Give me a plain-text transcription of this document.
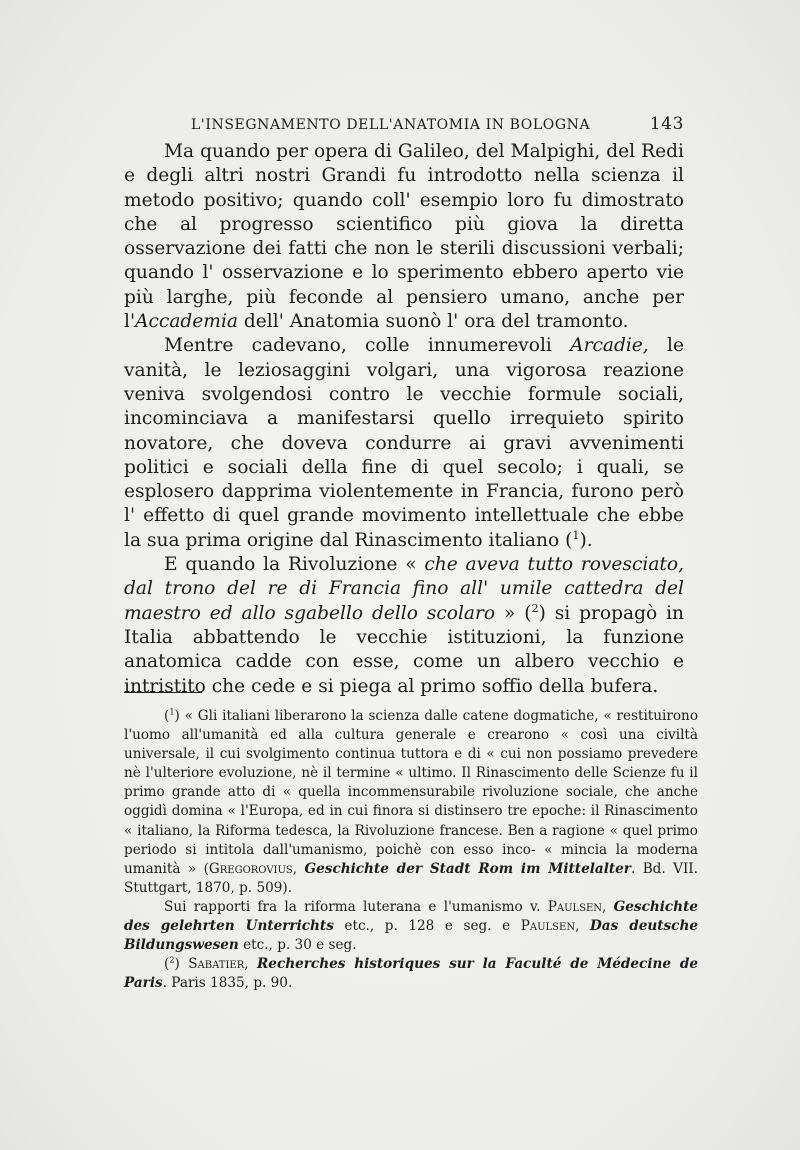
L'INSEGNAMENTO DELL'ANATOMIA IN BOLOGNA	143

Ma quando per opera di Galileo, del Malpighi, del Redi e degli altri nostri Grandi fu introdotto nella scienza il metodo positivo; quando coll' esempio loro fu dimostrato che al progresso scientifico più giova la diretta osservazione dei fatti che non le sterili discussioni verbali; quando l' osservazione e lo sperimento ebbero aperto vie più larghe, più feconde al pensiero umano, anche per l'Accademia dell' Anatomia suonò l' ora del tramonto.

Mentre cadevano, colle innumerevoli Arcadie, le vanità, le leziosaggini volgari, una vigorosa reazione veniva svolgendosi contro le vecchie formule sociali, incominciava a manifestarsi quello irrequieto spirito novatore, che doveva condurre ai gravi avvenimenti politici e sociali della fine di quel secolo; i quali, se esplosero dapprima violentemente in Francia, furono però l' effetto di quel grande movimento intellettuale che ebbe la sua prima origine dal Rinascimento italiano ($^1$).

E quando la Rivoluzione « che aveva tutto rovesciato, dal trono del re di Francia fino all' umile cattedra del maestro ed allo sgabello dello scolaro » ($^2$) si propagò in Italia abbattendo le vecchie istituzioni, la funzione anatomica cadde con esse, come un albero vecchio e intristito che cede e si piega al primo soffio della bufera.

($^1$) « Gli italiani liberarono la scienza dalle catene dogmatiche, « restituirono l'uomo all'umanità ed alla cultura generale e crearono « così una civiltà universale, il cui svolgimento continua tuttora e di « cui non possiamo prevedere nè l'ulteriore evoluzione, nè il termine « ultimo. Il Rinascimento delle Scienze fu il primo grande atto di « quella incommensurabile rivoluzione sociale, che anche oggidì domina « l'Europa, ed in cui finora si distinsero tre epoche: il Rinascimento « italiano, la Riforma tedesca, la Rivoluzione francese. Ben a ragione « quel primo periodo si intitola dall'umanismo, poichè con esso inco- « mincia la moderna umanità » (Gregorovius, Geschichte der Stadt Rom im Mittelalter. Bd. VII. Stuttgart, 1870, p. 509).

Sui rapporti fra la riforma luterana e l'umanismo v. Paulsen, Geschichte des gelehrten Unterrichts etc., p. 128 e seg. e Paulsen, Das deutsche Bildungswesen etc., p. 30 e seg.

($^2$) Sabatier, Recherches historiques sur la Faculté de Médecine de Paris. Paris 1835, p. 90.
